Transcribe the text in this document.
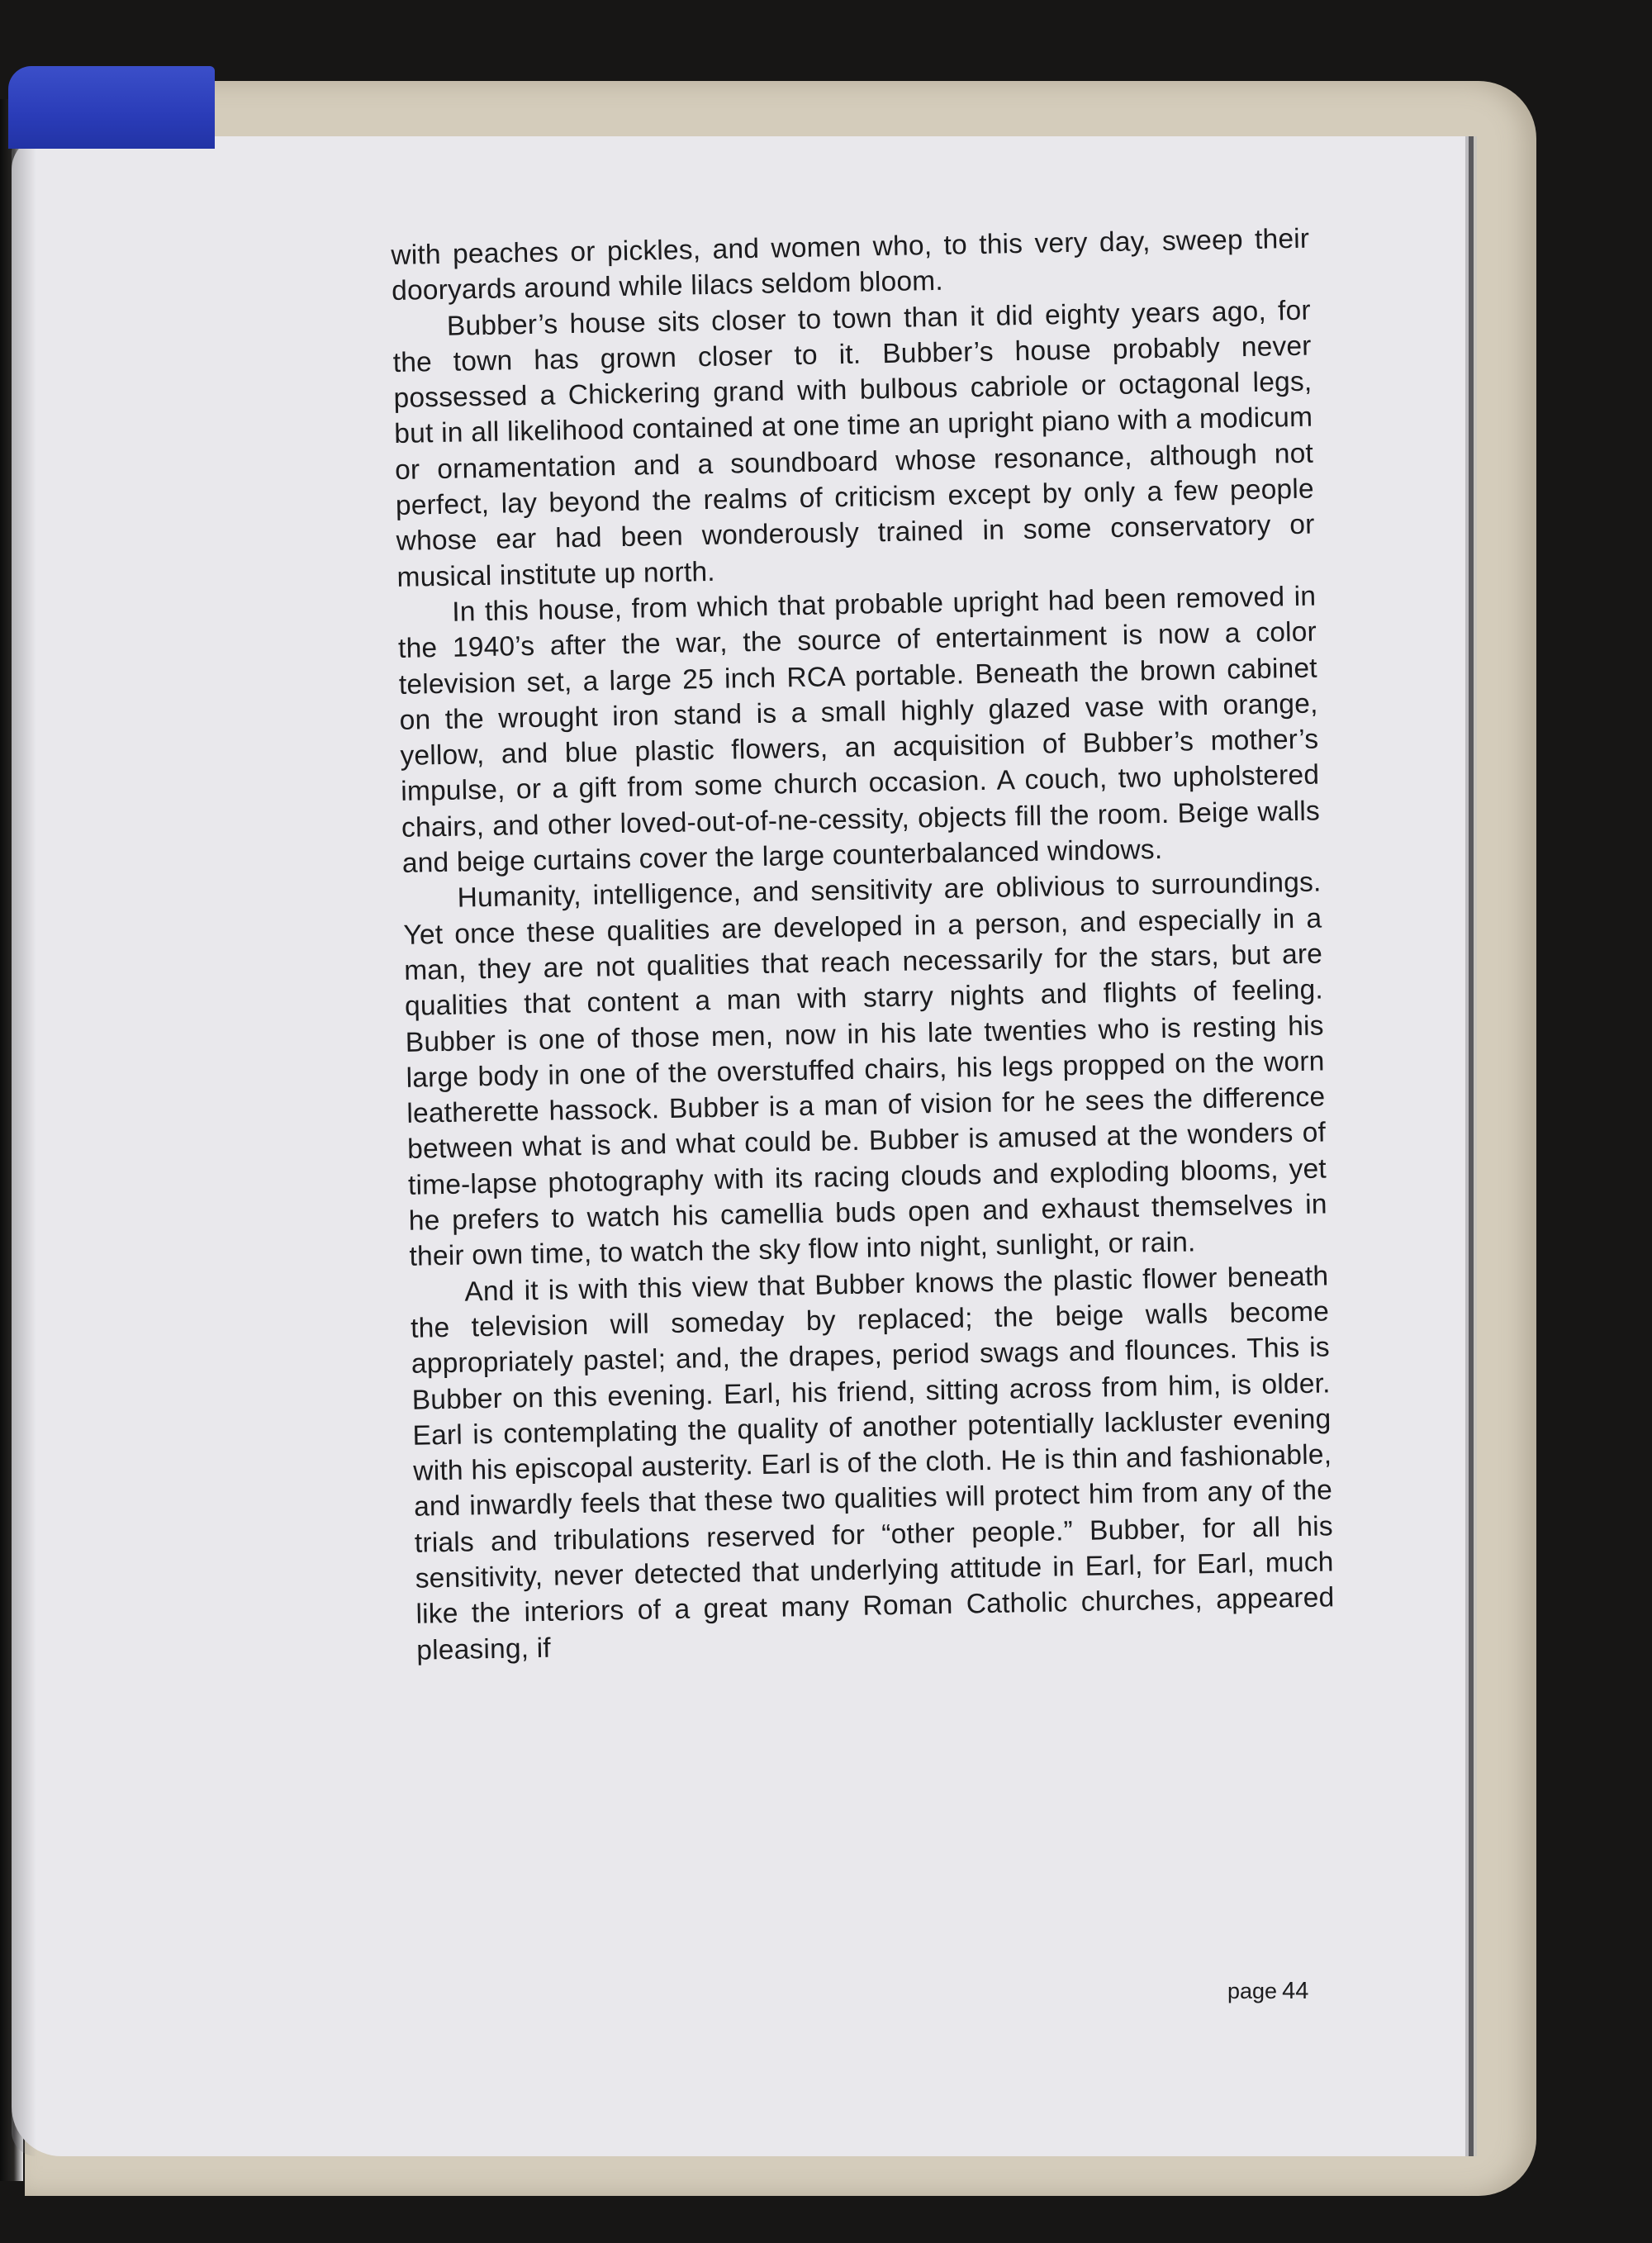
with peaches or pickles, and women who, to this very day, sweep their dooryards around while lilacs seldom bloom.

Bubber’s house sits closer to town than it did eighty years ago, for the town has grown closer to it. Bubber’s house probably never possessed a Chickering grand with bulbous cabriole or octagonal legs, but in all likelihood contained at one time an upright piano with a modicum or ornamentation and a soundboard whose resonance, although not perfect, lay beyond the realms of criticism except by only a few people whose ear had been wonderously trained in some conservatory or musical institute up north.

In this house, from which that probable upright had been removed in the 1940’s after the war, the source of entertainment is now a color television set, a large 25 inch RCA portable. Beneath the brown cabinet on the wrought iron stand is a small highly glazed vase with orange, yellow, and blue plastic flowers, an acquisition of Bubber’s mother’s impulse, or a gift from some church occasion. A couch, two upholstered chairs, and other loved-out-of-ne-cessity, objects fill the room. Beige walls and beige curtains cover the large counterbalanced windows.

Humanity, intelligence, and sensitivity are oblivious to surroundings. Yet once these qualities are developed in a person, and especially in a man, they are not qualities that reach necessarily for the stars, but are qualities that content a man with starry nights and flights of feeling. Bubber is one of those men, now in his late twenties who is resting his large body in one of the overstuffed chairs, his legs propped on the worn leatherette hassock. Bubber is a man of vision for he sees the difference between what is and what could be. Bubber is amused at the wonders of time-lapse photography with its racing clouds and exploding blooms, yet he prefers to watch his camellia buds open and exhaust themselves in their own time, to watch the sky flow into night, sunlight, or rain.

And it is with this view that Bubber knows the plastic flower beneath the television will someday by replaced; the beige walls become appropriately pastel; and, the drapes, period swags and flounces. This is Bubber on this evening. Earl, his friend, sitting across from him, is older. Earl is contemplating the quality of another potentially lackluster evening with his episcopal austerity. Earl is of the cloth. He is thin and fashionable, and inwardly feels that these two qualities will protect him from any of the trials and tribulations reserved for “other people.” Bubber, for all his sensitivity, never detected that underlying attitude in Earl, for Earl, much like the interiors of a great many Roman Catholic churches, appeared pleasing, if

page 44
